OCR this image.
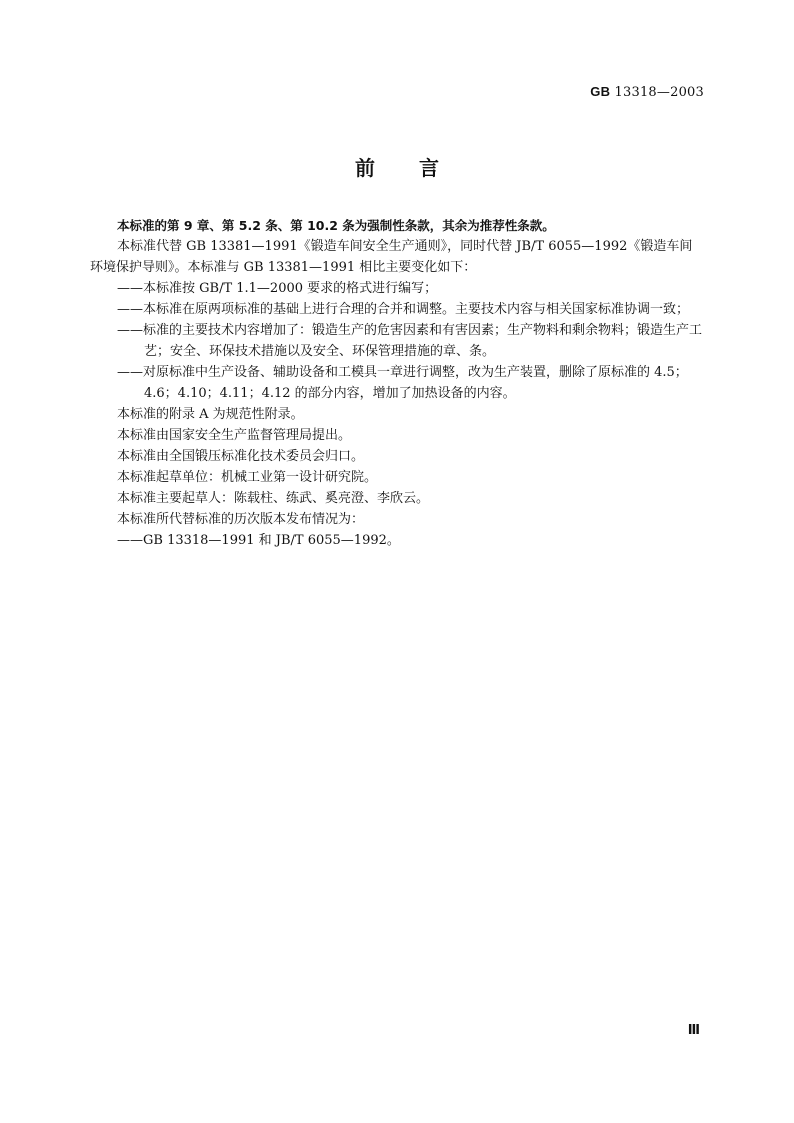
GB 13318—2003
前言

本标准的第 9 章、第 5.2 条、第 10.2 条为强制性条款，其余为推荐性条款。

本标准代替 GB 13381—1991《锻造车间安全生产通则》，同时代替 JB/T 6055—1992《锻造车间环境保护导则》。本标准与 GB 13381—1991 相比主要变化如下：

——本标准按 GB/T 1.1—2000 要求的格式进行编写；

——本标准在原两项标准的基础上进行合理的合并和调整。主要技术内容与相关国家标准协调一致；

——标准的主要技术内容增加了：锻造生产的危害因素和有害因素；生产物料和剩余物料；锻造生产工艺；安全、环保技术措施以及安全、环保管理措施的章、条。

——对原标准中生产设备、辅助设备和工模具一章进行调整，改为生产装置，删除了原标准的 4.5；4.6；4.10；4.11；4.12 的部分内容，增加了加热设备的内容。

本标准的附录 A 为规范性附录。

本标准由国家安全生产监督管理局提出。

本标准由全国锻压标准化技术委员会归口。

本标准起草单位：机械工业第一设计研究院。

本标准主要起草人：陈载柱、练武、奚亮澄、李欣云。

本标准所代替标准的历次版本发布情况为：

——GB 13318—1991 和 JB/T 6055—1992。

Ⅲ
